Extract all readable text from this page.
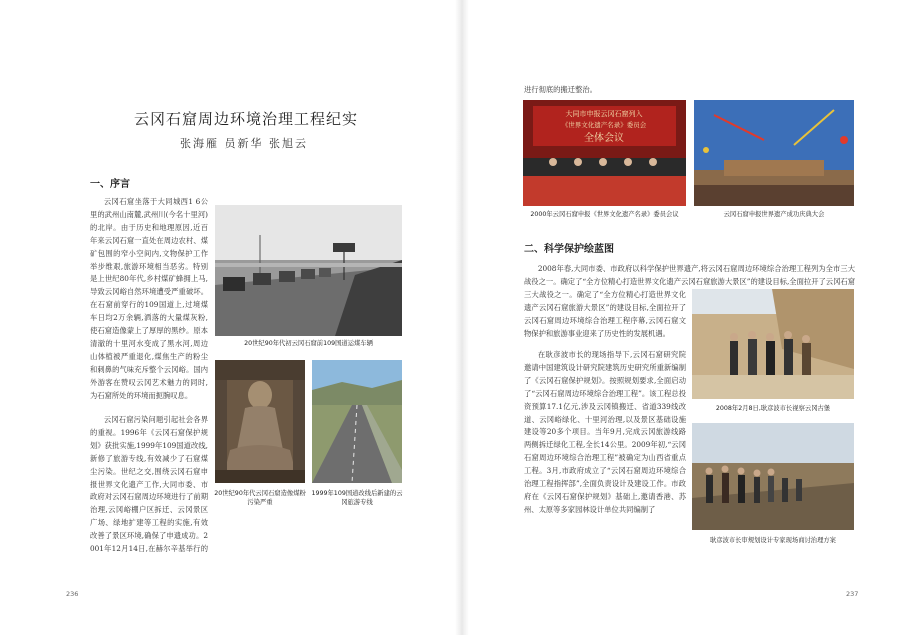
云冈石窟周边环境治理工程纪实
张海雁 员新华 张旭云
一、序言

云冈石窟坐落于大同城西1 6公里的武州山南麓,武州川(今名十里河)的北岸。由于历史和地理原因,近百年来云冈石窟一直处在周边农村、煤矿包围的窄小空间内,文物保护工作举步维艰,旅游环境相当恶劣。特别是上世纪80年代,乡村煤矿蜂拥上马,导致云冈峪自然环境遭受严重破坏。在石窟前穿行的109国道上,过境煤车日均2万余辆,洒落的大量煤灰粉,使石窟造像蒙上了厚厚的黑纱。原本清澈的十里河水变成了黑水河,周边山体植被严重退化,煤焦生产的粉尘和刺鼻的气味充斥整个云冈峪。国内外游客在赞叹云冈艺术魅力的同时,为石窟所处的环境而扼腕叹息。

云冈石窟污染问题引起社会各界的重视。1996年《云冈石窟保护规划》获批实施,1999年109国道改线,新修了旅游专线,有效减少了石窟煤尘污染。世纪之交,围绕云冈石窟申报世界文化遗产工作,大同市委、市政府对云冈石窟周边环境进行了前期治理,云冈峪棚户区拆迁、云冈景区广场、绿地扩建等工程的实施,有效改善了景区环境,确保了申遗成功。2001年12月14日,在赫尔辛基举行的

20世纪90年代初云冈石窟前109国道运煤车辆
20世纪90年代云冈石窟造像煤粉污染严重
1999年109国道改线后新建的云冈旅游专线
236
进行彻底的搬迁整治。
大同市申报云冈石窟列入
《世界文化遗产名录》委员会
全体会议
2000年云冈石窟申报《世界文化遗产名录》委员会议	云冈石窟申报世界遗产成功庆典大会
二、科学保护绘蓝图

2008年春,大同市委、市政府以科学保护世界遗产,将云冈石窟周边环境综合治理工程列为全市三大战役之一。确定了“全方位精心打造世界文化遗产云冈石窟旅游大景区”的建设目标,全面拉开了云冈石窟

三大战役之一。确定了“全方位精心打造世界文化遗产云冈石窟旅游大景区”的建设目标,全面拉开了云冈石窟周边环境综合治理工程序幕,云冈石窟文物保护和旅游事业迎来了历史性的发展机遇。

在耿彦波市长的现场指导下,云冈石窟研究院邀请中国建筑设计研究院建筑历史研究所重新编制了《云冈石窟保护规划》。按照规划要求,全面启动了“云冈石窟周边环境综合治理工程”。该工程总投资预算17.1亿元,涉及云冈镇搬迁、省道339线改道、云冈峪绿化、十里河治理,以及景区基础设施建设等20多个项目。当年9月,完成云冈旅游线路两侧拆迁绿化工程,全长14公里。2009年初,“云冈石窟周边环境综合治理工程”被确定为山西省重点工程。3月,市政府成立了“云冈石窟周边环境综合治理工程指挥部”,全面负责设计及建设工作。市政府在《云冈石窟保护规划》基础上,邀请香港、苏州、太原等多家园林设计单位共同编制了

2008年2月8日,耿彦波市长视察云冈古堡
耿彦波市长审规划设计专家现场商讨治理方案
237
